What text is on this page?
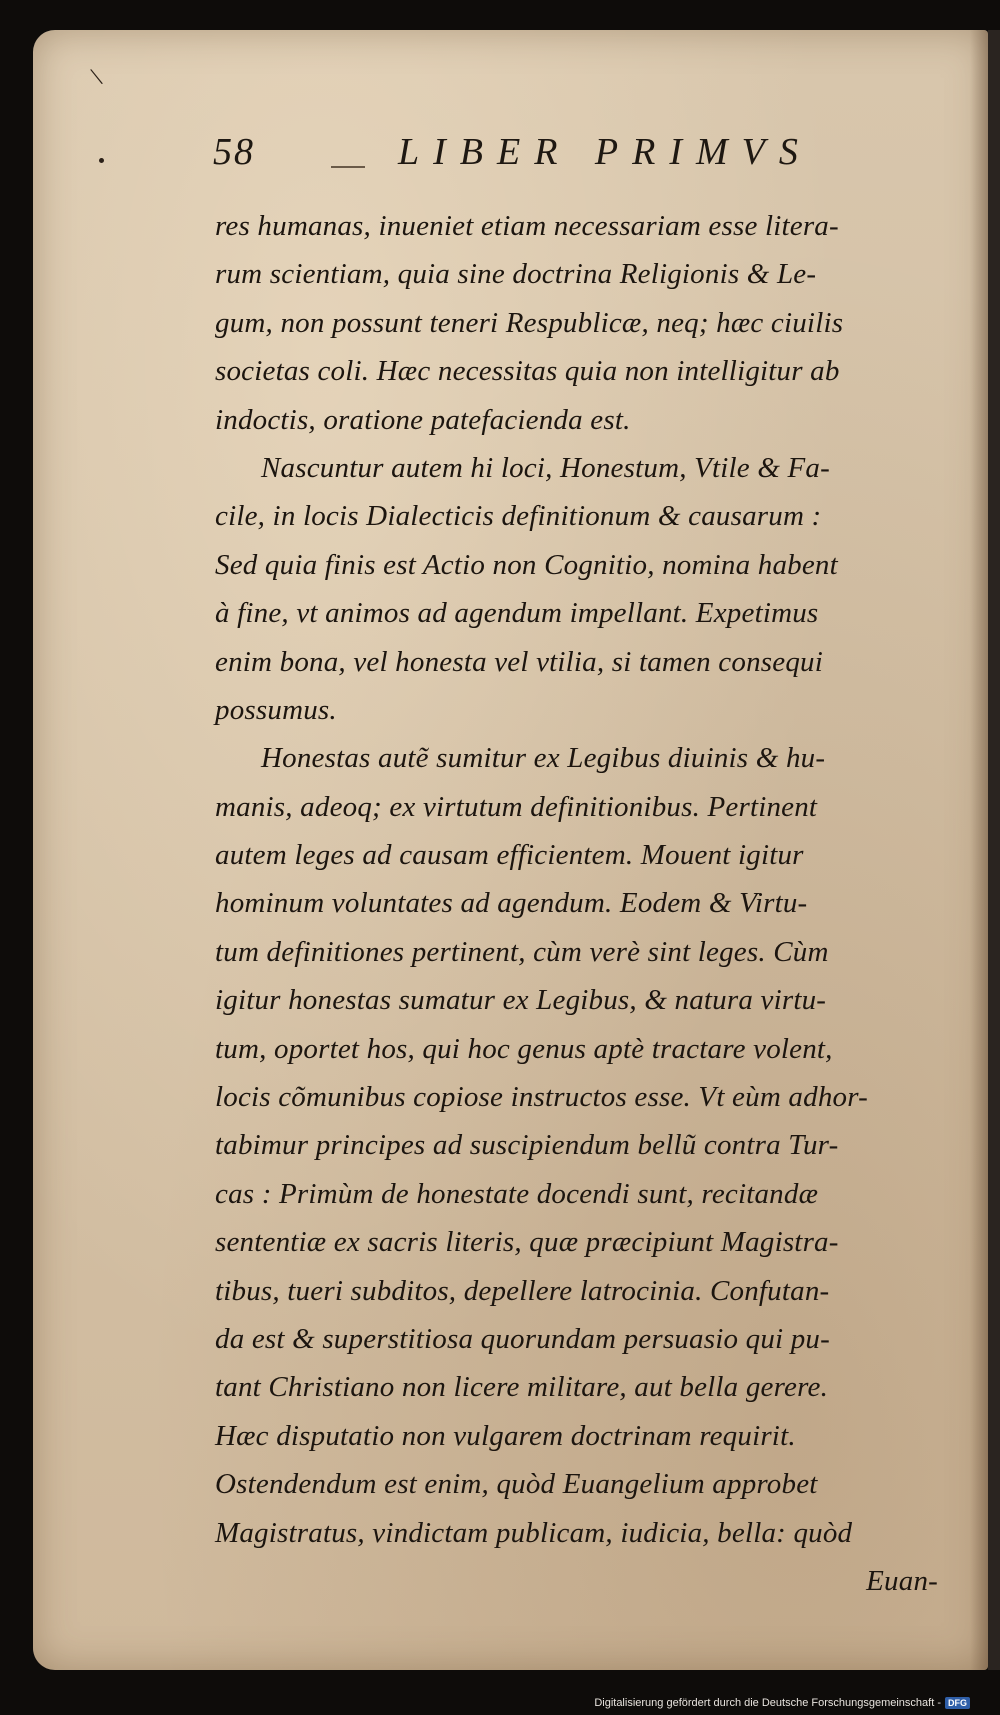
\
58	LIBER PRIMVS
res humanas, inueniet etiam necessariam esse litera-
rum scientiam, quia sine doctrina Religionis & Le-
gum, non possunt teneri Respublicæ, neq; hæc ciuilis
societas coli. Hæc necessitas quia non intelligitur ab
indoctis, oratione patefacienda est.
Nascuntur autem hi loci, Honestum, Vtile & Fa-
cile, in locis Dialecticis definitionum & causarum :
Sed quia finis est Actio non Cognitio, nomina habent
à fine, vt animos ad agendum impellant. Expetimus
enim bona, vel honesta vel vtilia, si tamen consequi
possumus.
Honestas autẽ sumitur ex Legibus diuinis & hu-
manis, adeoq; ex virtutum definitionibus. Pertinent
autem leges ad causam efficientem. Mouent igitur
hominum voluntates ad agendum. Eodem & Virtu-
tum definitiones pertinent, cùm verè sint leges. Cùm
igitur honestas sumatur ex Legibus, & natura virtu-
tum, oportet hos, qui hoc genus aptè tractare volent,
locis cõmunibus copiose instructos esse. Vt eùm adhor-
tabimur principes ad suscipiendum bellũ contra Tur-
cas : Primùm de honestate docendi sunt, recitandæ
sententiæ ex sacris literis, quæ præcipiunt Magistra-
tibus, tueri subditos, depellere latrocinia. Confutan-
da est & superstitiosa quorundam persuasio qui pu-
tant Christiano non licere militare, aut bella gerere.
Hæc disputatio non vulgarem doctrinam requirit.
Ostendendum est enim, quòd Euangelium approbet
Magistratus, vindictam publicam, iudicia, bella: quòd
Euan-
Digitalisierung gefördert durch die Deutsche Forschungsgemeinschaft - DFG
